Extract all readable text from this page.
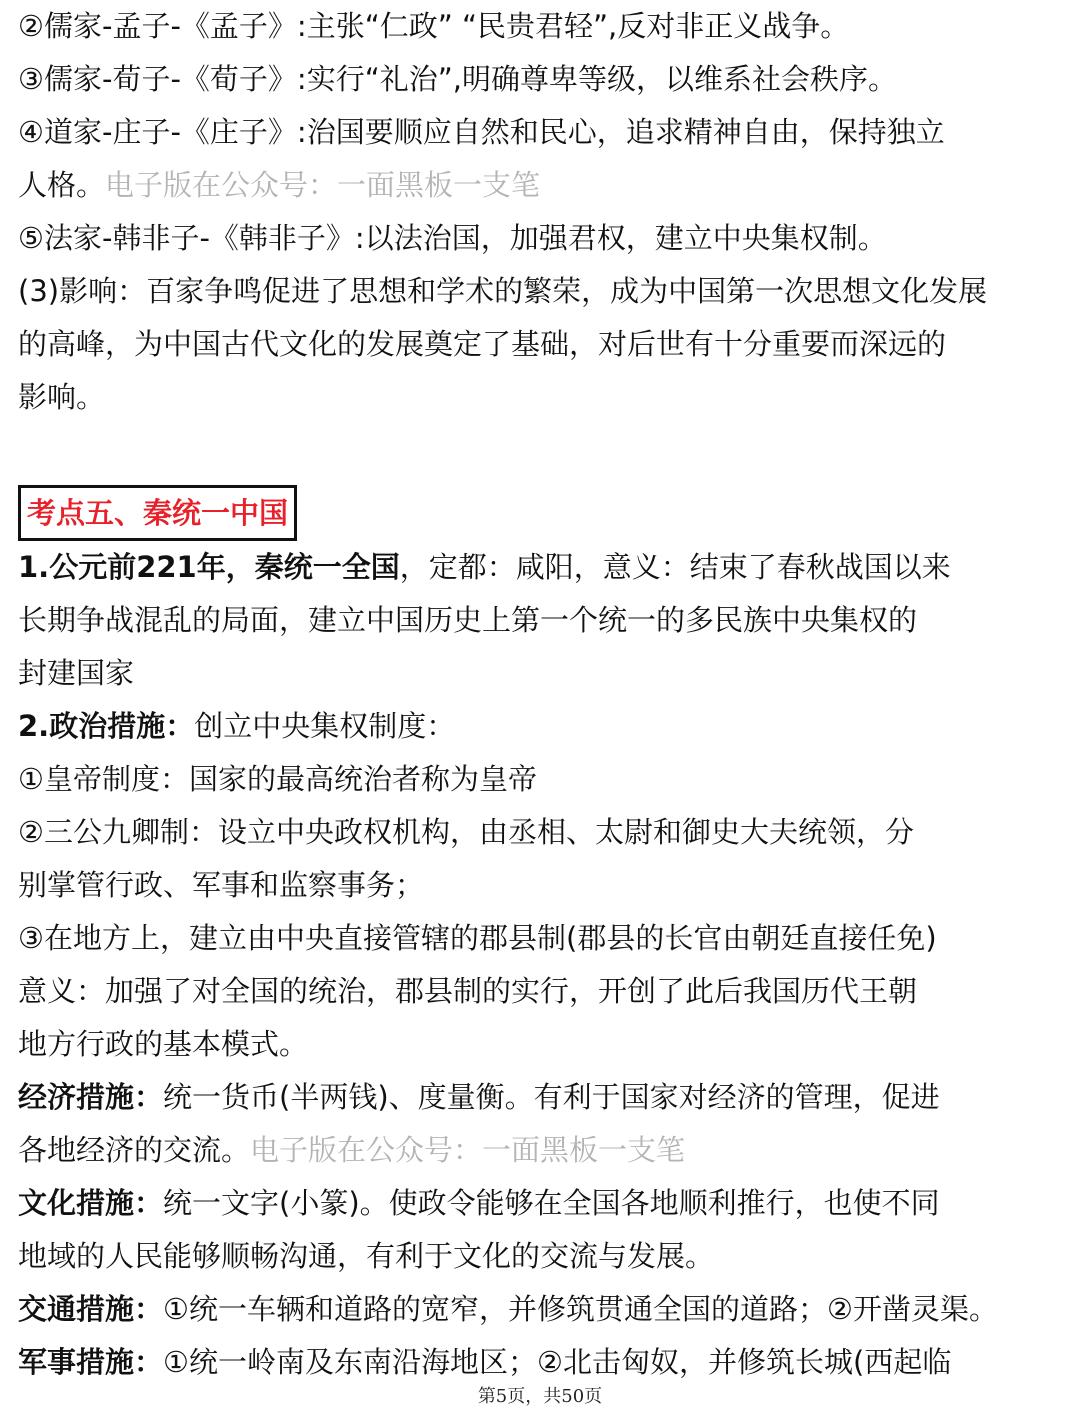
②儒家-孟子-《孟子》:主张“仁政” “民贵君轻”,反对非正义战争。
③儒家-荀子-《荀子》:实行“礼治”,明确尊卑等级，以维系社会秩序。
④道家-庄子-《庄子》:治国要顺应自然和民心，追求精神自由，保持独立
人格。电子版在公众号：一面黑板一支笔
⑤法家-韩非子-《韩非子》:以法治国，加强君权，建立中央集权制。
(3)影响：百家争鸣促进了思想和学术的繁荣，成为中国第一次思想文化发展
的高峰，为中国古代文化的发展奠定了基础，对后世有十分重要而深远的
影响。
考点五、秦统一中国
1.公元前221年，秦统一全国，定都：咸阳，意义：结束了春秋战国以来
长期争战混乱的局面，建立中国历史上第一个统一的多民族中央集权的
封建国家
2.政治措施：创立中央集权制度：
①皇帝制度：国家的最高统治者称为皇帝
②三公九卿制：设立中央政权机构，由丞相、太尉和御史大夫统领，分
别掌管行政、军事和监察事务；
③在地方上，建立由中央直接管辖的郡县制(郡县的长官由朝廷直接任免)
意义：加强了对全国的统治，郡县制的实行，开创了此后我国历代王朝
地方行政的基本模式。
经济措施：统一货币(半两钱)、度量衡。有利于国家对经济的管理，促进
各地经济的交流。电子版在公众号：一面黑板一支笔
文化措施：统一文字(小篆)。使政令能够在全国各地顺利推行，也使不同
地域的人民能够顺畅沟通，有利于文化的交流与发展。
交通措施：①统一车辆和道路的宽窄，并修筑贯通全国的道路；②开凿灵渠。
军事措施：①统一岭南及东南沿海地区；②北击匈奴，并修筑长城(西起临
第5页，共50页
